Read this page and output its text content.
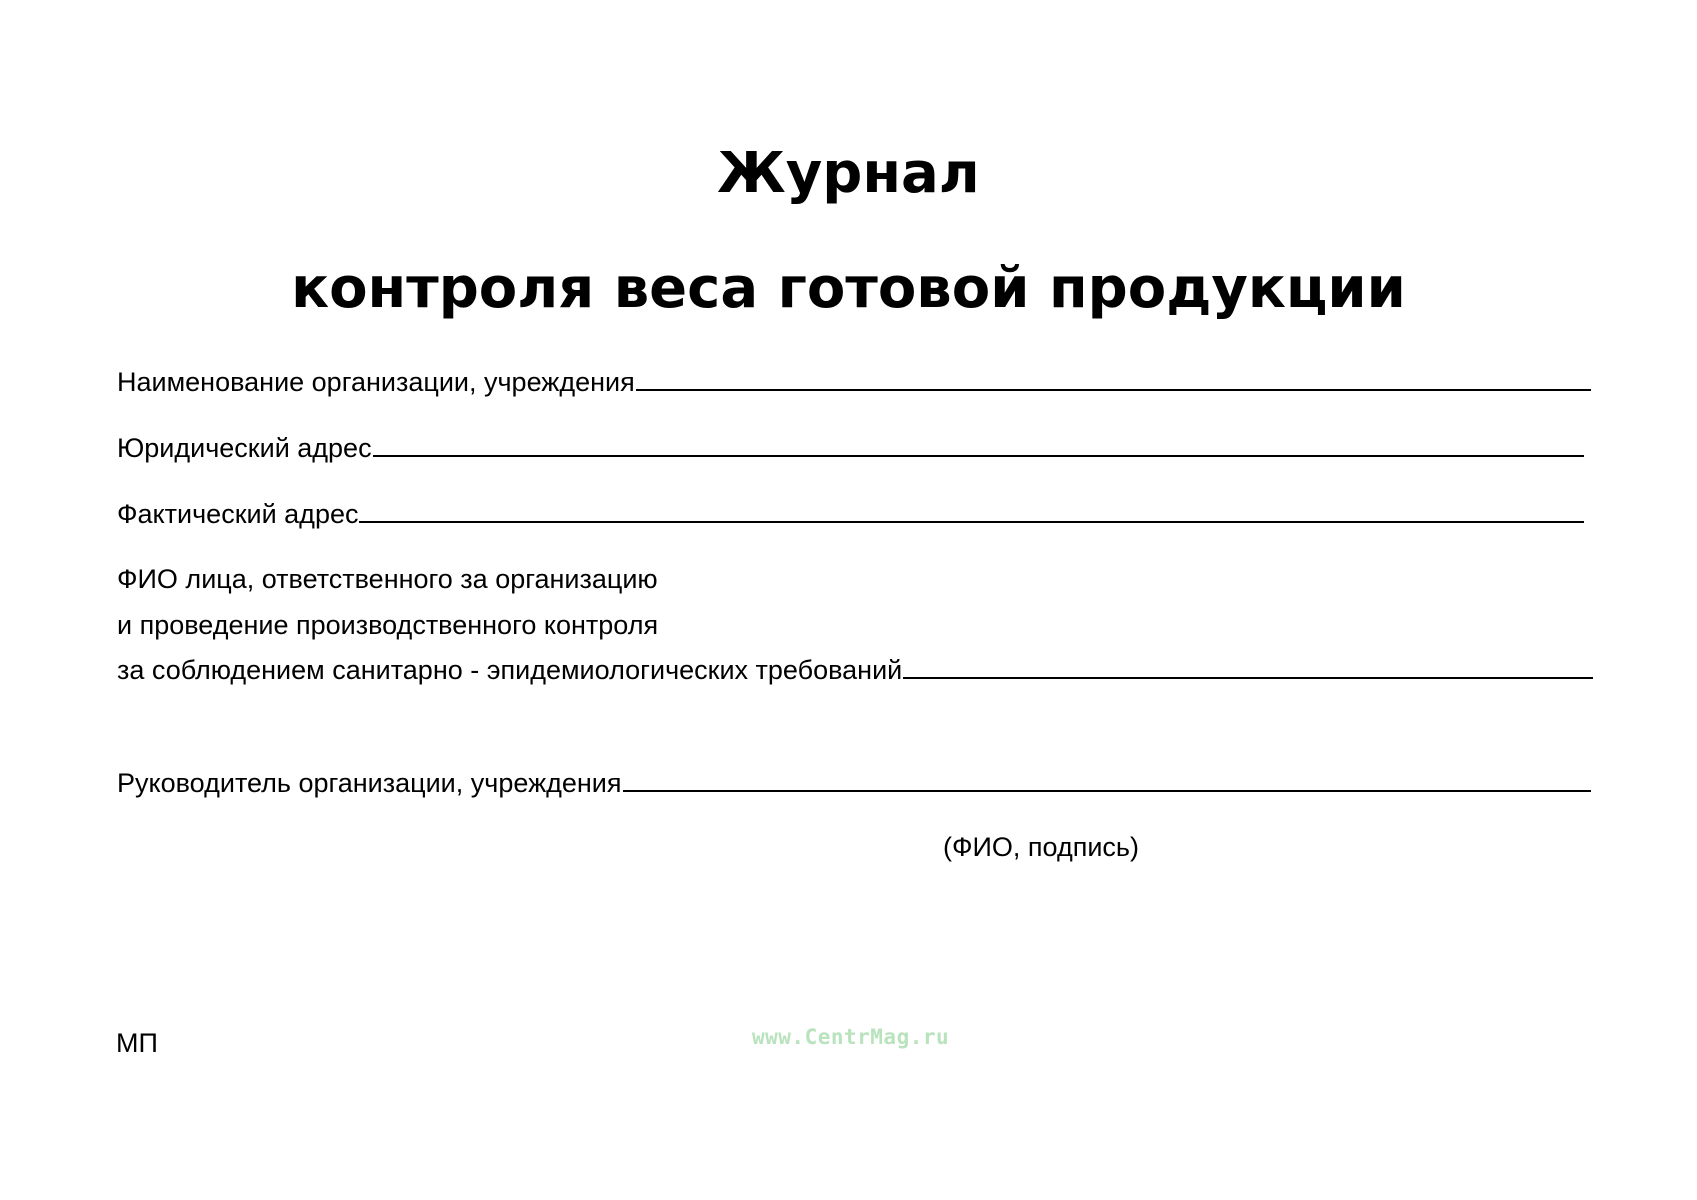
Журнал
контроля веса готовой продукции
Наименование организации, учреждения
Юридический адрес
Фактический адрес
ФИО лица, ответственного за организацию
и проведение производственного контроля
за соблюдением санитарно - эпидемиологических требований
Руководитель организации, учреждения
(ФИО, подпись)
МП	www.CentrMag.ru
